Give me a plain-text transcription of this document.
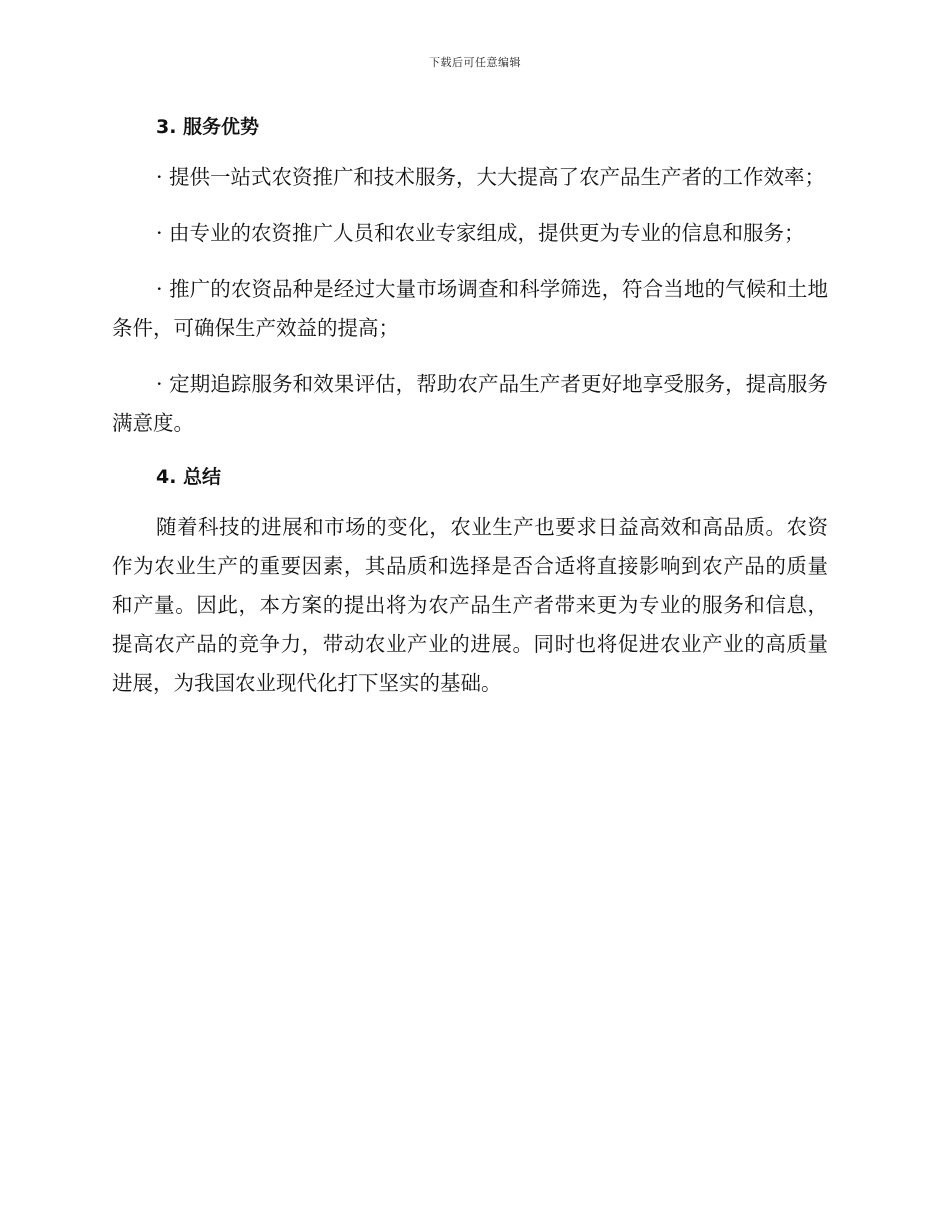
下载后可任意编辑
3. 服务优势

· 提供一站式农资推广和技术服务，大大提高了农产品生产者的工作效率；

· 由专业的农资推广人员和农业专家组成，提供更为专业的信息和服务；

· 推广的农资品种是经过大量市场调查和科学筛选，符合当地的气候和土地条件，可确保生产效益的提高；

· 定期追踪服务和效果评估，帮助农产品生产者更好地享受服务，提高服务满意度。

4. 总结

随着科技的进展和市场的变化，农业生产也要求日益高效和高品质。农资作为农业生产的重要因素，其品质和选择是否合适将直接影响到农产品的质量和产量。因此，本方案的提出将为农产品生产者带来更为专业的服务和信息，提高农产品的竞争力，带动农业产业的进展。同时也将促进农业产业的高质量进展，为我国农业现代化打下坚实的基础。
